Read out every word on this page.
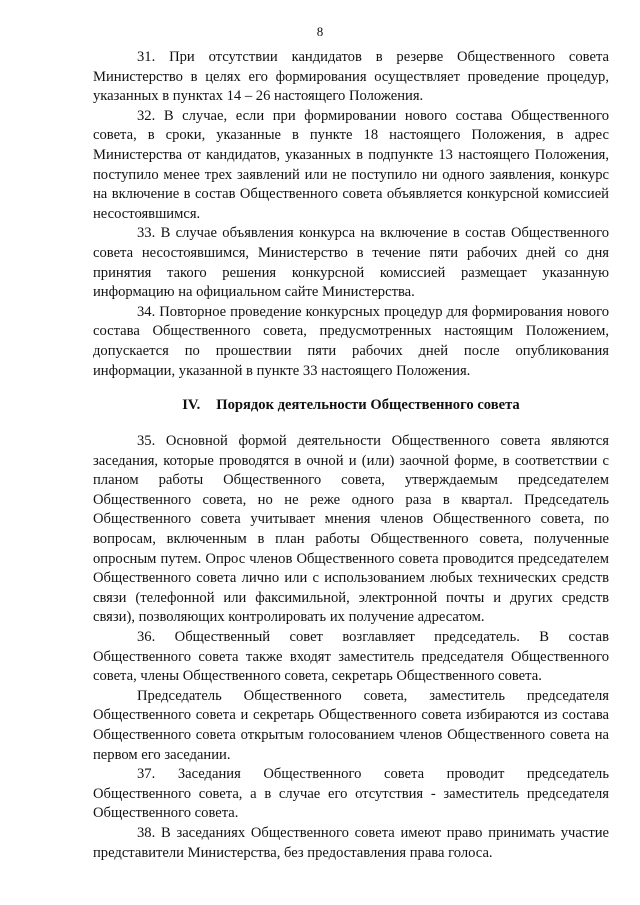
8

31. При отсутствии кандидатов в резерве Общественного совета Министерство в целях его формирования осуществляет проведение процедур, указанных в пунктах 14 – 26 настоящего Положения.

32. В случае, если при формировании нового состава Общественного совета, в сроки, указанные в пункте 18 настоящего Положения, в адрес Министерства от кандидатов, указанных в подпункте 13 настоящего Положения, поступило менее трех заявлений или не поступило ни одного заявления, конкурс на включение в состав Общественного совета объявляется конкурсной комиссией несостоявшимся.

33. В случае объявления конкурса на включение в состав Общественного совета несостоявшимся, Министерство в течение пяти рабочих дней со дня принятия такого решения конкурсной комиссией размещает указанную информацию на официальном сайте Министерства.

34. Повторное проведение конкурсных процедур для формирования нового состава Общественного совета, предусмотренных настоящим Положением, допускается по прошествии пяти рабочих дней после опубликования информации, указанной в пункте 33 настоящего Положения.

IV. Порядок деятельности Общественного совета

35. Основной формой деятельности Общественного совета являются заседания, которые проводятся в очной и (или) заочной форме, в соответствии с планом работы Общественного совета, утверждаемым председателем Общественного совета, но не реже одного раза в квартал. Председатель Общественного совета учитывает мнения членов Общественного совета, по вопросам, включенным в план работы Общественного совета, полученные опросным путем. Опрос членов Общественного совета проводится председателем Общественного совета лично или с использованием любых технических средств связи (телефонной или факсимильной, электронной почты и других средств связи), позволяющих контролировать их получение адресатом.

36. Общественный совет возглавляет председатель. В состав Общественного совета также входят заместитель председателя Общественного совета, члены Общественного совета, секретарь Общественного совета.

Председатель Общественного совета, заместитель председателя Общественного совета и секретарь Общественного совета избираются из состава Общественного совета открытым голосованием членов Общественного совета на первом его заседании.

37. Заседания Общественного совета проводит председатель Общественного совета, а в случае его отсутствия - заместитель председателя Общественного совета.

38. В заседаниях Общественного совета имеют право принимать участие представители Министерства, без предоставления права голоса.
